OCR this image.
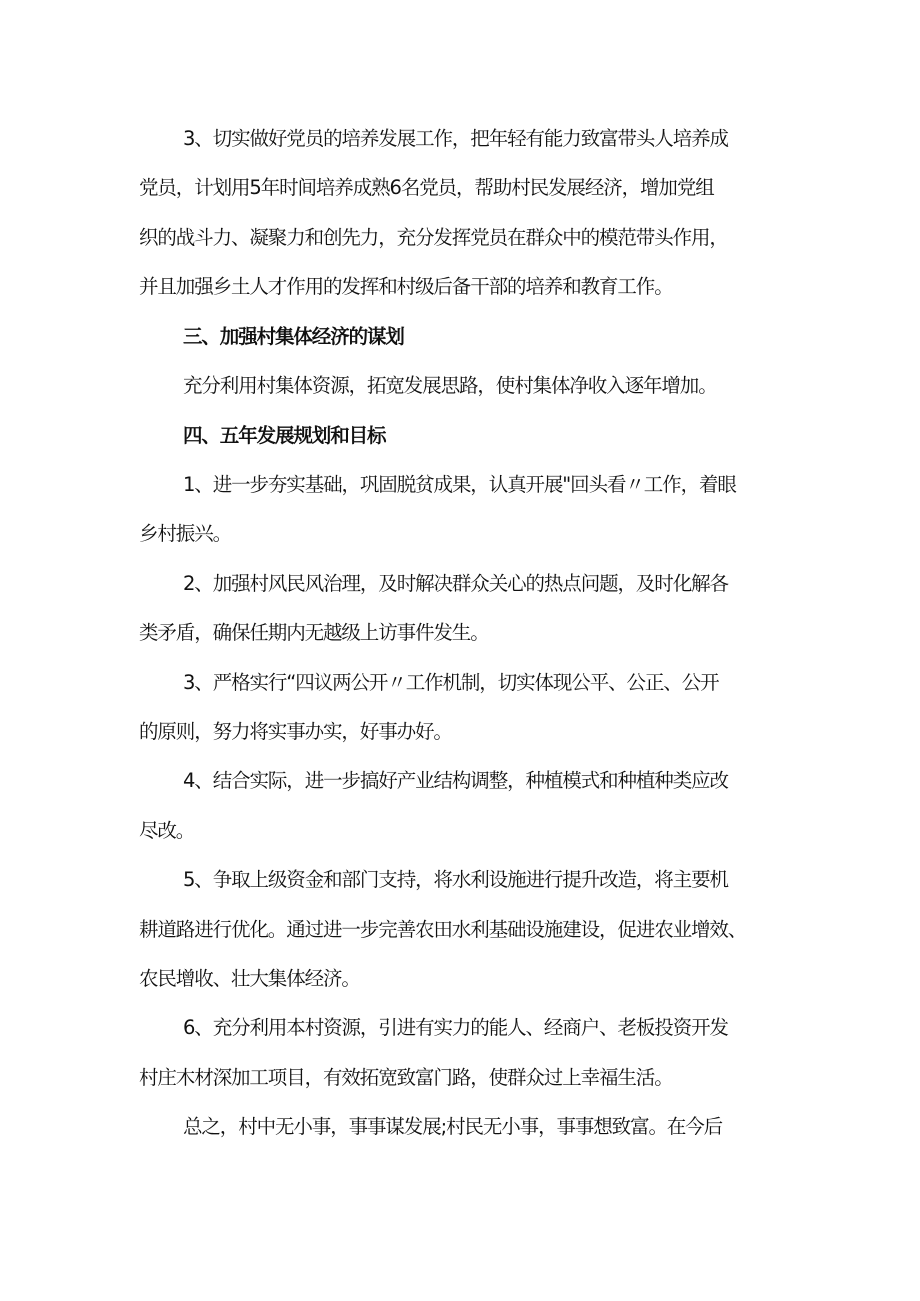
3、切实做好党员的培养发展工作，把年轻有能力致富带头人培养成
党员，计划用5年时间培养成熟6名党员，帮助村民发展经济，增加党组
织的战斗力、凝聚力和创先力，充分发挥党员在群众中的模范带头作用，
并且加强乡土人才作用的发挥和村级后备干部的培养和教育工作。
三、加强村集体经济的谋划
充分利用村集体资源，拓宽发展思路，使村集体净收入逐年增加。
四、五年发展规划和目标
1、进一步夯实基础，巩固脱贫成果，认真开展"回头看〃工作，着眼
乡村振兴。
2、加强村风民风治理，及时解决群众关心的热点问题，及时化解各
类矛盾，确保任期内无越级上访事件发生。
3、严格实行“四议两公开〃工作机制，切实体现公平、公正、公开
的原则，努力将实事办实，好事办好。
4、结合实际，进一步搞好产业结构调整，种植模式和种植种类应改
尽改。
5、争取上级资金和部门支持，将水利设施进行提升改造，将主要机
耕道路进行优化。通过进一步完善农田水利基础设施建设，促进农业增效、
农民增收、壮大集体经济。
6、充分利用本村资源，引进有实力的能人、经商户、老板投资开发
村庄木材深加工项目，有效拓宽致富门路，使群众过上幸福生活。
总之，村中无小事，事事谋发展;村民无小事，事事想致富。在今后
